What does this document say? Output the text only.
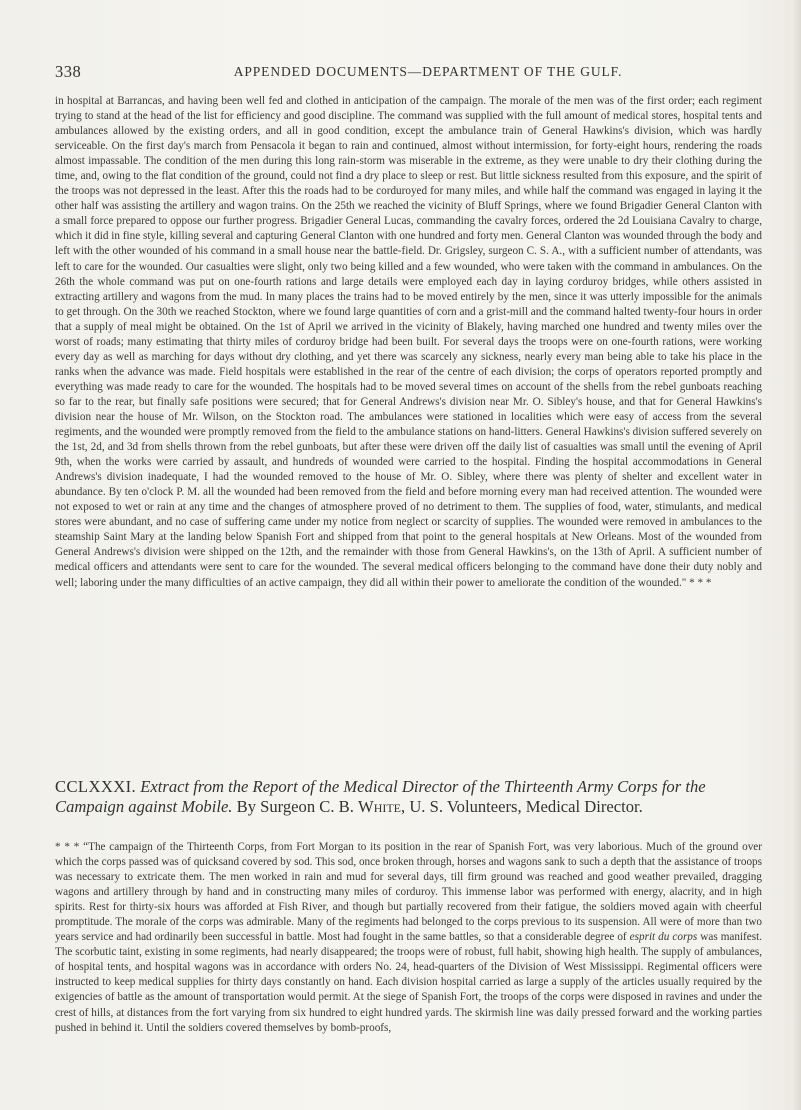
338	APPENDED DOCUMENTS—DEPARTMENT OF THE GULF.

in hospital at Barrancas, and having been well fed and clothed in anticipation of the campaign. The morale of the men was of the first order; each regiment trying to stand at the head of the list for efficiency and good discipline. The command was supplied with the full amount of medical stores, hospital tents and ambulances allowed by the existing orders, and all in good condition, except the ambulance train of General Hawkins's division, which was hardly serviceable. On the first day's march from Pensacola it began to rain and continued, almost without intermission, for forty-eight hours, rendering the roads almost impassable. The condition of the men during this long rain-storm was miserable in the extreme, as they were unable to dry their clothing during the time, and, owing to the flat condition of the ground, could not find a dry place to sleep or rest. But little sickness resulted from this exposure, and the spirit of the troops was not depressed in the least. After this the roads had to be corduroyed for many miles, and while half the command was engaged in laying it the other half was assisting the artillery and wagon trains. On the 25th we reached the vicinity of Bluff Springs, where we found Brigadier General Clanton with a small force prepared to oppose our further progress. Brigadier General Lucas, commanding the cavalry forces, ordered the 2d Louisiana Cavalry to charge, which it did in fine style, killing several and capturing General Clanton with one hundred and forty men. General Clanton was wounded through the body and left with the other wounded of his command in a small house near the battle-field. Dr. Grigsley, surgeon C. S. A., with a sufficient number of attendants, was left to care for the wounded. Our casualties were slight, only two being killed and a few wounded, who were taken with the command in ambulances. On the 26th the whole command was put on one-fourth rations and large details were employed each day in laying corduroy bridges, while others assisted in extracting artillery and wagons from the mud. In many places the trains had to be moved entirely by the men, since it was utterly impossible for the animals to get through. On the 30th we reached Stockton, where we found large quantities of corn and a grist-mill and the command halted twenty-four hours in order that a supply of meal might be obtained. On the 1st of April we arrived in the vicinity of Blakely, having marched one hundred and twenty miles over the worst of roads; many estimating that thirty miles of corduroy bridge had been built. For several days the troops were on one-fourth rations, were working every day as well as marching for days without dry clothing, and yet there was scarcely any sickness, nearly every man being able to take his place in the ranks when the advance was made. Field hospitals were established in the rear of the centre of each division; the corps of operators reported promptly and everything was made ready to care for the wounded. The hospitals had to be moved several times on account of the shells from the rebel gunboats reaching so far to the rear, but finally safe positions were secured; that for General Andrews's division near Mr. O. Sibley's house, and that for General Hawkins's division near the house of Mr. Wilson, on the Stockton road. The ambulances were stationed in localities which were easy of access from the several regiments, and the wounded were promptly removed from the field to the ambulance stations on hand-litters. General Hawkins's division suffered severely on the 1st, 2d, and 3d from shells thrown from the rebel gunboats, but after these were driven off the daily list of casualties was small until the evening of April 9th, when the works were carried by assault, and hundreds of wounded were carried to the hospital. Finding the hospital accommodations in General Andrews's division inadequate, I had the wounded removed to the house of Mr. O. Sibley, where there was plenty of shelter and excellent water in abundance. By ten o'clock P. M. all the wounded had been removed from the field and before morning every man had received attention. The wounded were not exposed to wet or rain at any time and the changes of atmosphere proved of no detriment to them. The supplies of food, water, stimulants, and medical stores were abundant, and no case of suffering came under my notice from neglect or scarcity of supplies. The wounded were removed in ambulances to the steamship Saint Mary at the landing below Spanish Fort and shipped from that point to the general hospitals at New Orleans. Most of the wounded from General Andrews's division were shipped on the 12th, and the remainder with those from General Hawkins's, on the 13th of April. A sufficient number of medical officers and attendants were sent to care for the wounded. The several medical officers belonging to the command have done their duty nobly and well; laboring under the many difficulties of an active campaign, they did all within their power to ameliorate the condition of the wounded." * * *

CCLXXXI. Extract from the Report of the Medical Director of the Thirteenth Army Corps for the Campaign against Mobile. By Surgeon C. B. White, U. S. Volunteers, Medical Director.

* * * “The campaign of the Thirteenth Corps, from Fort Morgan to its position in the rear of Spanish Fort, was very laborious. Much of the ground over which the corps passed was of quicksand covered by sod. This sod, once broken through, horses and wagons sank to such a depth that the assistance of troops was necessary to extricate them. The men worked in rain and mud for several days, till firm ground was reached and good weather prevailed, dragging wagons and artillery through by hand and in constructing many miles of corduroy. This immense labor was performed with energy, alacrity, and in high spirits. Rest for thirty-six hours was afforded at Fish River, and though but partially recovered from their fatigue, the soldiers moved again with cheerful promptitude. The morale of the corps was admirable. Many of the regiments had belonged to the corps previous to its suspension. All were of more than two years service and had ordinarily been successful in battle. Most had fought in the same battles, so that a considerable degree of esprit du corps was manifest. The scorbutic taint, existing in some regiments, had nearly disappeared; the troops were of robust, full habit, showing high health. The supply of ambulances, of hospital tents, and hospital wagons was in accordance with orders No. 24, head-quarters of the Division of West Mississippi. Regimental officers were instructed to keep medical supplies for thirty days constantly on hand. Each division hospital carried as large a supply of the articles usually required by the exigencies of battle as the amount of transportation would permit. At the siege of Spanish Fort, the troops of the corps were disposed in ravines and under the crest of hills, at distances from the fort varying from six hundred to eight hundred yards. The skirmish line was daily pressed forward and the working parties pushed in behind it. Until the soldiers covered themselves by bomb-proofs,
